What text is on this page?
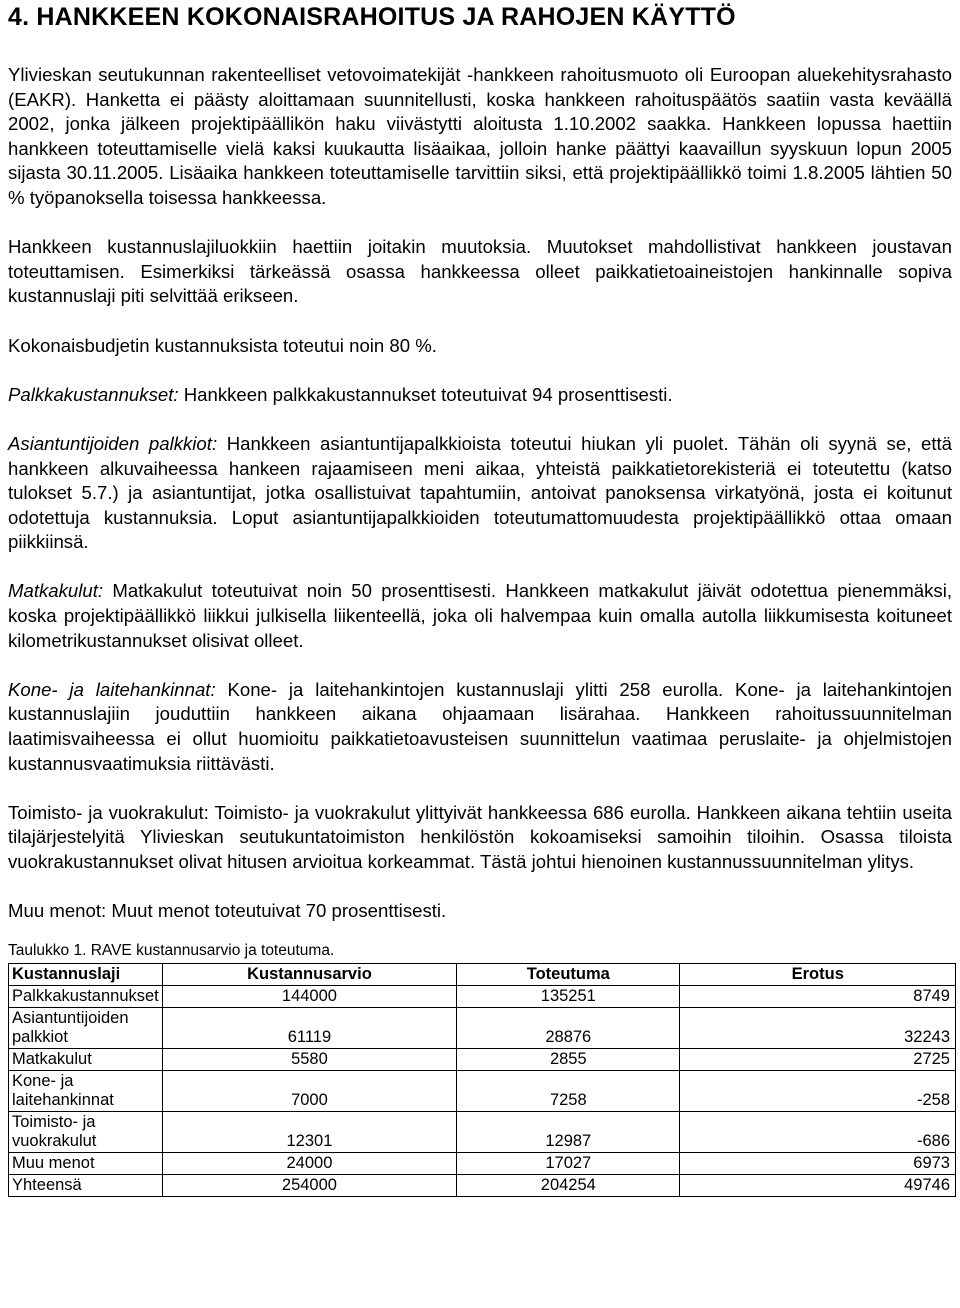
4. HANKKEEN KOKONAISRAHOITUS JA RAHOJEN KÄYTTÖ

Ylivieskan seutukunnan rakenteelliset vetovoimatekijät -hankkeen rahoitusmuoto oli Euroopan aluekehitysrahasto (EAKR). Hanketta ei päästy aloittamaan suunnitellusti, koska hankkeen rahoituspäätös saatiin vasta keväällä 2002, jonka jälkeen projektipäällikön haku viivästytti aloitusta 1.10.2002 saakka. Hankkeen lopussa haettiin hankkeen toteuttamiselle vielä kaksi kuukautta lisäaikaa, jolloin hanke päättyi kaavaillun syyskuun lopun 2005 sijasta 30.11.2005. Lisäaika hankkeen toteuttamiselle tarvittiin siksi, että projektipäällikkö toimi 1.8.2005 lähtien 50 % työpanoksella toisessa hankkeessa.

Hankkeen kustannuslajiluokkiin haettiin joitakin muutoksia. Muutokset mahdollistivat hankkeen joustavan toteuttamisen. Esimerkiksi tärkeässä osassa hankkeessa olleet paikkatietoaineistojen hankinnalle sopiva kustannuslaji piti selvittää erikseen.

Kokonaisbudjetin kustannuksista toteutui noin 80 %.

Palkkakustannukset: Hankkeen palkkakustannukset toteutuivat 94 prosenttisesti.

Asiantuntijoiden palkkiot: Hankkeen asiantuntijapalkkioista toteutui hiukan yli puolet. Tähän oli syynä se, että hankkeen alkuvaiheessa hankeen rajaamiseen meni aikaa, yhteistä paikkatietorekisteriä ei toteutettu (katso tulokset 5.7.) ja asiantuntijat, jotka osallistuivat tapahtumiin, antoivat panoksensa virkatyönä, josta ei koitunut odotettuja kustannuksia. Loput asiantuntijapalkkioiden toteutumattomuudesta projektipäällikkö ottaa omaan piikkiinsä.

Matkakulut: Matkakulut toteutuivat noin 50 prosenttisesti. Hankkeen matkakulut jäivät odotettua pienemmäksi, koska projektipäällikkö liikkui julkisella liikenteellä, joka oli halvempaa kuin omalla autolla liikkumisesta koituneet kilometrikustannukset olisivat olleet.

Kone- ja laitehankinnat: Kone- ja laitehankintojen kustannuslaji ylitti 258 eurolla. Kone- ja laitehankintojen kustannuslajiin jouduttiin hankkeen aikana ohjaamaan lisärahaa. Hankkeen rahoitussuunnitelman laatimisvaiheessa ei ollut huomioitu paikkatietoavusteisen suunnittelun vaatimaa peruslaite- ja ohjelmistojen kustannusvaatimuksia riittävästi.

Toimisto- ja vuokrakulut: Toimisto- ja vuokrakulut ylittyivät hankkeessa 686 eurolla. Hankkeen aikana tehtiin useita tilajärjestelyitä Ylivieskan seutukuntatoimiston henkilöstön kokoamiseksi samoihin tiloihin. Osassa tiloista vuokrakustannukset olivat hitusen arvioitua korkeammat. Tästä johtui hienoinen kustannussuunnitelman ylitys.

Muu menot: Muut menot toteutuivat 70 prosenttisesti.

Taulukko 1. RAVE kustannusarvio ja toteutuma.

Kustannuslaji	Kustannusarvio	Toteutuma	Erotus

Palkkakustannukset	144000	135251	8749

Asiantuntijoiden
palkkiot	61119	28876	32243

Matkakulut	5580	2855	2725

Kone- ja
laitehankinnat	7000	7258	-258

Toimisto- ja
vuokrakulut	12301	12987	-686

Muu menot	24000	17027	6973

Yhteensä	254000	204254	49746
